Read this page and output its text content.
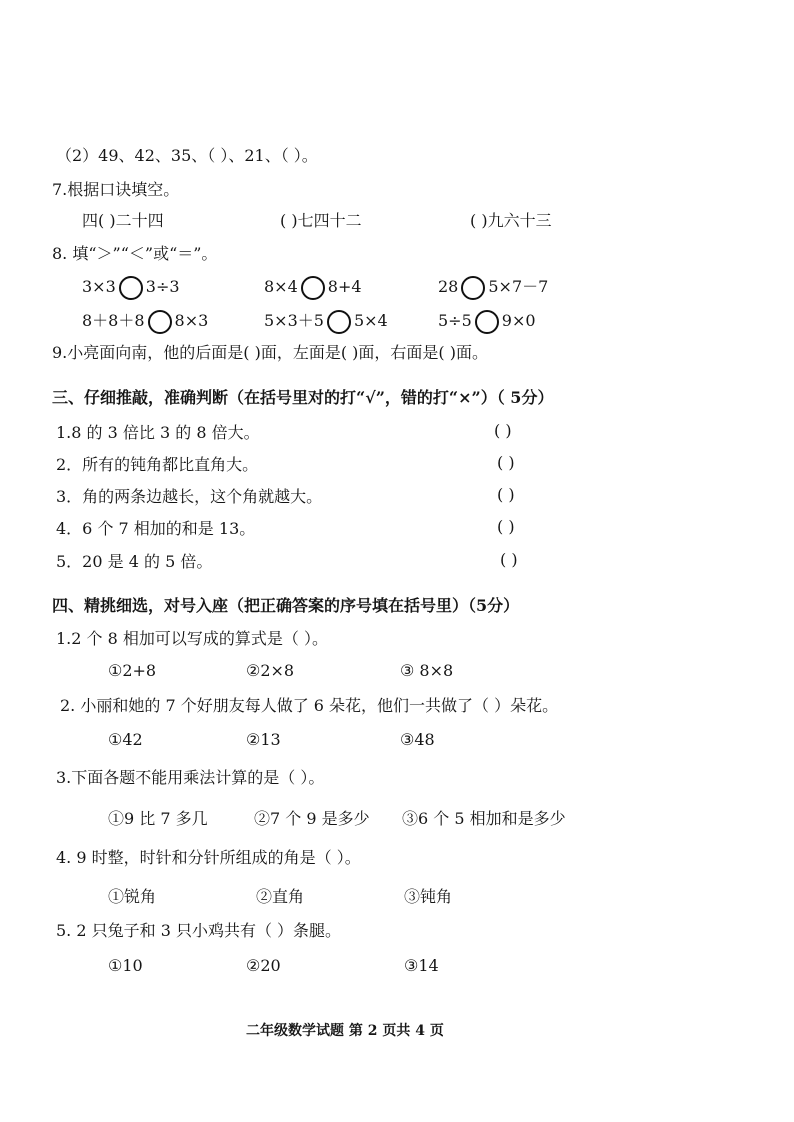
（2）49、42、35、（ ）、21、（ ）。
7.根据口诀填空。
四( )二十四	( )七四十二	( )九六十三
8. 填“＞”“＜”或“＝”。
3×3 3÷3	8×4 8+4	28 5×7－7
8＋8＋8 8×3	5×3＋5 5×4	5÷5 9×0
9.小亮面向南，他的后面是( )面，左面是( )面，右面是( )面。
三、仔细推敲，准确判断（在括号里对的打“√”，错的打“×”）（ 5分）
1.8 的 3 倍比 3 的 8 倍大。	( )
2．所有的钝角都比直角大。	( )
3．角的两条边越长，这个角就越大。	( )
4．6 个 7 相加的和是 13。	( )
5．20 是 4 的 5 倍。	( )
四、精挑细选，对号入座（把正确答案的序号填在括号里）（5分）
1.2 个 8 相加可以写成的算式是（ ）。
①2+8	②2×8	③ 8×8
2. 小丽和她的 7 个好朋友每人做了 6 朵花，他们一共做了（ ）朵花。
①42	②13	③48
3.下面各题不能用乘法计算的是（ ）。
①9 比 7 多几	②7 个 9 是多少 ③6 个 5 相加和是多少
4. 9 时整，时针和分针所组成的角是（ ）。
①锐角	②直角	③钝角
5. 2 只兔子和 3 只小鸡共有（ ）条腿。
①10	②20	③14
二年级数学试题 第 2 页共 4 页
